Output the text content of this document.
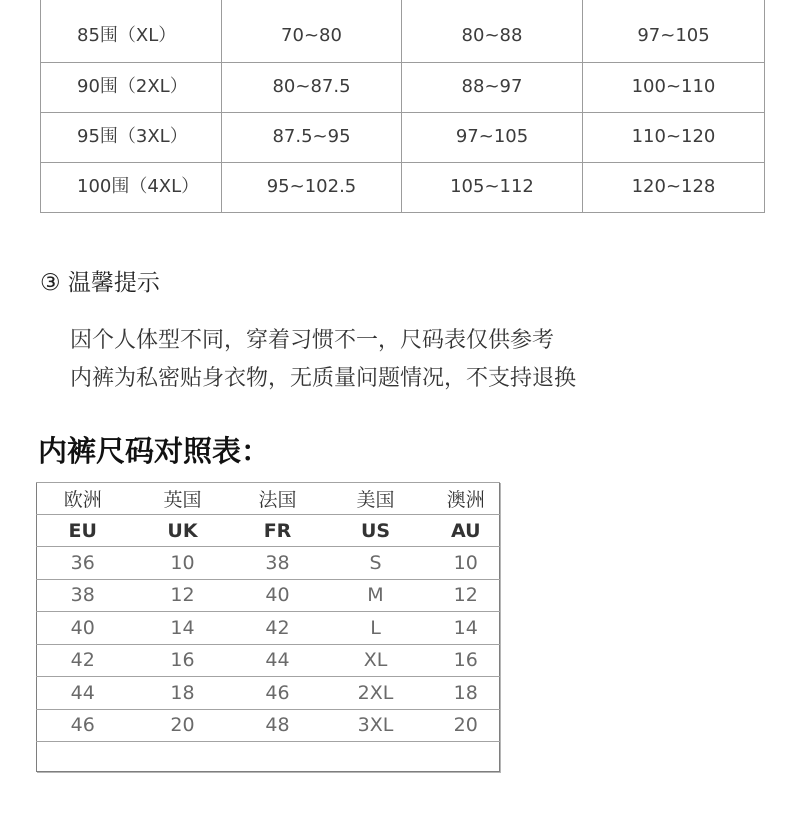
85围（XL）	70~80	80~88	97~105
90围（2XL）	80~87.5	88~97	100~110
95围（3XL）	87.5~95	97~105	110~120
100围（4XL）	95~102.5	105~112	120~128
③ 温馨提示
因个人体型不同，穿着习惯不一，尺码表仅供参考
内裤为私密贴身衣物，无质量问题情况，不支持退换
内裤尺码对照表：
欧洲	英国	法国	美国	澳洲
EU	UK	FR	US	AU
36	10	38	S	10
38	12	40	M	12
40	14	42	L	14
42	16	44	XL	16
44	18	46	2XL	18
46	20	48	3XL	20
